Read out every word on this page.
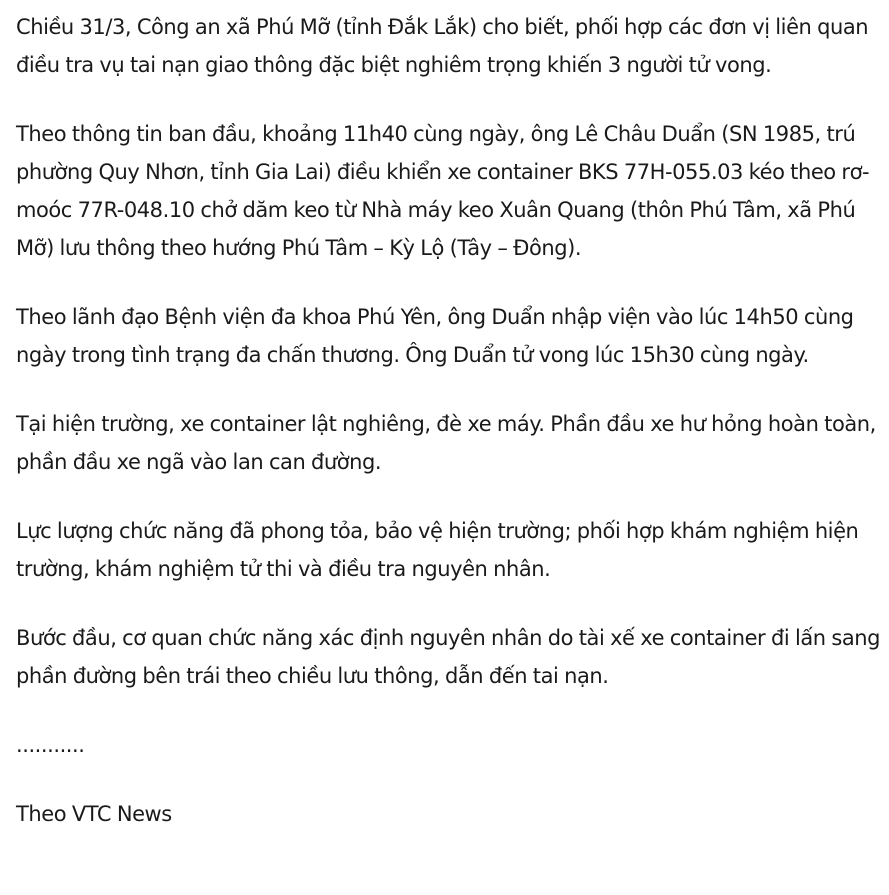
Chiều 31/3, Công an xã Phú Mỡ (tỉnh Đắk Lắk) cho biết, phối hợp các đơn vị liên quan điều tra vụ tai nạn giao thông đặc biệt nghiêm trọng khiến 3 người tử vong.

Theo thông tin ban đầu, khoảng 11h40 cùng ngày, ông Lê Châu Duẩn (SN 1985, trú phường Quy Nhơn, tỉnh Gia Lai) điều khiển xe container BKS 77H-055.03 kéo theo rơ-moóc 77R-048.10 chở dăm keo từ Nhà máy keo Xuân Quang (thôn Phú Tâm, xã Phú Mỡ) lưu thông theo hướng Phú Tâm – Kỳ Lộ (Tây – Đông).

Theo lãnh đạo Bệnh viện đa khoa Phú Yên, ông Duẩn nhập viện vào lúc 14h50 cùng ngày trong tình trạng đa chấn thương. Ông Duẩn tử vong lúc 15h30 cùng ngày.

Tại hiện trường, xe container lật nghiêng, đè xe máy. Phần đầu xe hư hỏng hoàn toàn, phần đầu xe ngã vào lan can đường.

Lực lượng chức năng đã phong tỏa, bảo vệ hiện trường; phối hợp khám nghiệm hiện trường, khám nghiệm tử thi và điều tra nguyên nhân.

Bước đầu, cơ quan chức năng xác định nguyên nhân do tài xế xe container đi lấn sang phần đường bên trái theo chiều lưu thông, dẫn đến tai nạn.

...........

Theo VTC News
